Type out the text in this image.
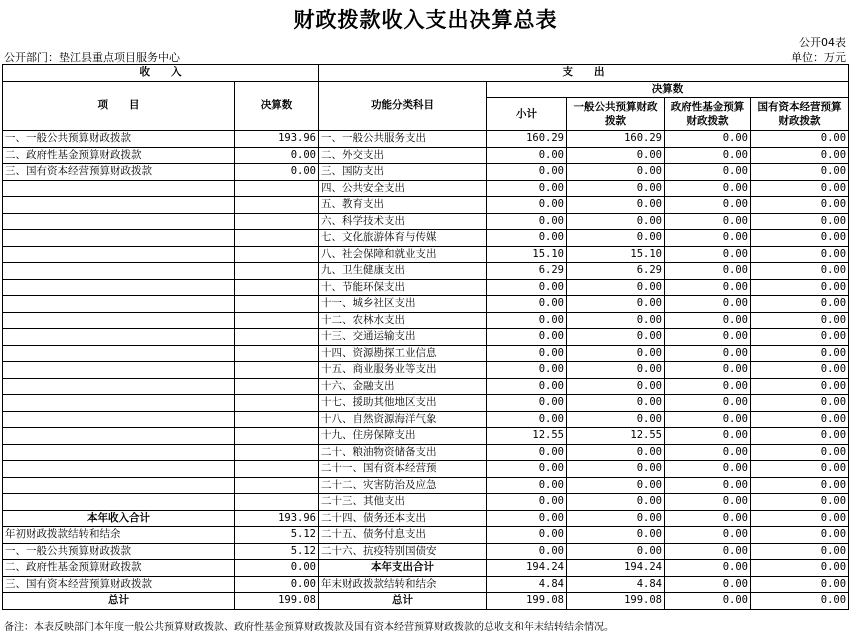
财政拨款收入支出决算总表
公开04表
公开部门：垫江县重点项目服务中心	单位：万元
收　　入		支　　出				
项　　目	决算数	功能分类科目	决算数			
			小计	一般公共预算财政拨款	政府性基金预算财政拨款	国有资本经营预算财政拨款

一、一般公共预算财政拨款	193.96	一、一般公共服务支出	160.29	160.29	0.00	0.00
二、政府性基金预算财政拨款	0.00	二、外交支出	0.00	0.00	0.00	0.00
三、国有资本经营预算财政拨款	0.00	三、国防支出	0.00	0.00	0.00	0.00
		四、公共安全支出	0.00	0.00	0.00	0.00
		五、教育支出	0.00	0.00	0.00	0.00
		六、科学技术支出	0.00	0.00	0.00	0.00
		七、文化旅游体育与传媒	0.00	0.00	0.00	0.00
		八、社会保障和就业支出	15.10	15.10	0.00	0.00
		九、卫生健康支出	6.29	6.29	0.00	0.00
		十、节能环保支出	0.00	0.00	0.00	0.00
		十一、城乡社区支出	0.00	0.00	0.00	0.00
		十二、农林水支出	0.00	0.00	0.00	0.00
		十三、交通运输支出	0.00	0.00	0.00	0.00
		十四、资源勘探工业信息	0.00	0.00	0.00	0.00
		十五、商业服务业等支出	0.00	0.00	0.00	0.00
		十六、金融支出	0.00	0.00	0.00	0.00
		十七、援助其他地区支出	0.00	0.00	0.00	0.00
		十八、自然资源海洋气象	0.00	0.00	0.00	0.00
		十九、住房保障支出	12.55	12.55	0.00	0.00
		二十、粮油物资储备支出	0.00	0.00	0.00	0.00
		二十一、国有资本经营预	0.00	0.00	0.00	0.00
		二十二、灾害防治及应急	0.00	0.00	0.00	0.00
		二十三、其他支出	0.00	0.00	0.00	0.00
本年收入合计	193.96	二十四、债务还本支出	0.00	0.00	0.00	0.00
年初财政拨款结转和结余	5.12	二十五、债务付息支出	0.00	0.00	0.00	0.00
一、一般公共预算财政拨款	5.12	二十六、抗疫特别国债安	0.00	0.00	0.00	0.00
二、政府性基金预算财政拨款	0.00	本年支出合计	194.24	194.24	0.00	0.00
三、国有资本经营预算财政拨款	0.00	年末财政拨款结转和结余	4.84	4.84	0.00	0.00
总计	199.08	总计	199.08	199.08	0.00	0.00
备注：本表反映部门本年度一般公共预算财政拨款、政府性基金预算财政拨款及国有资本经营预算财政拨款的总收支和年末结转结余情况。
